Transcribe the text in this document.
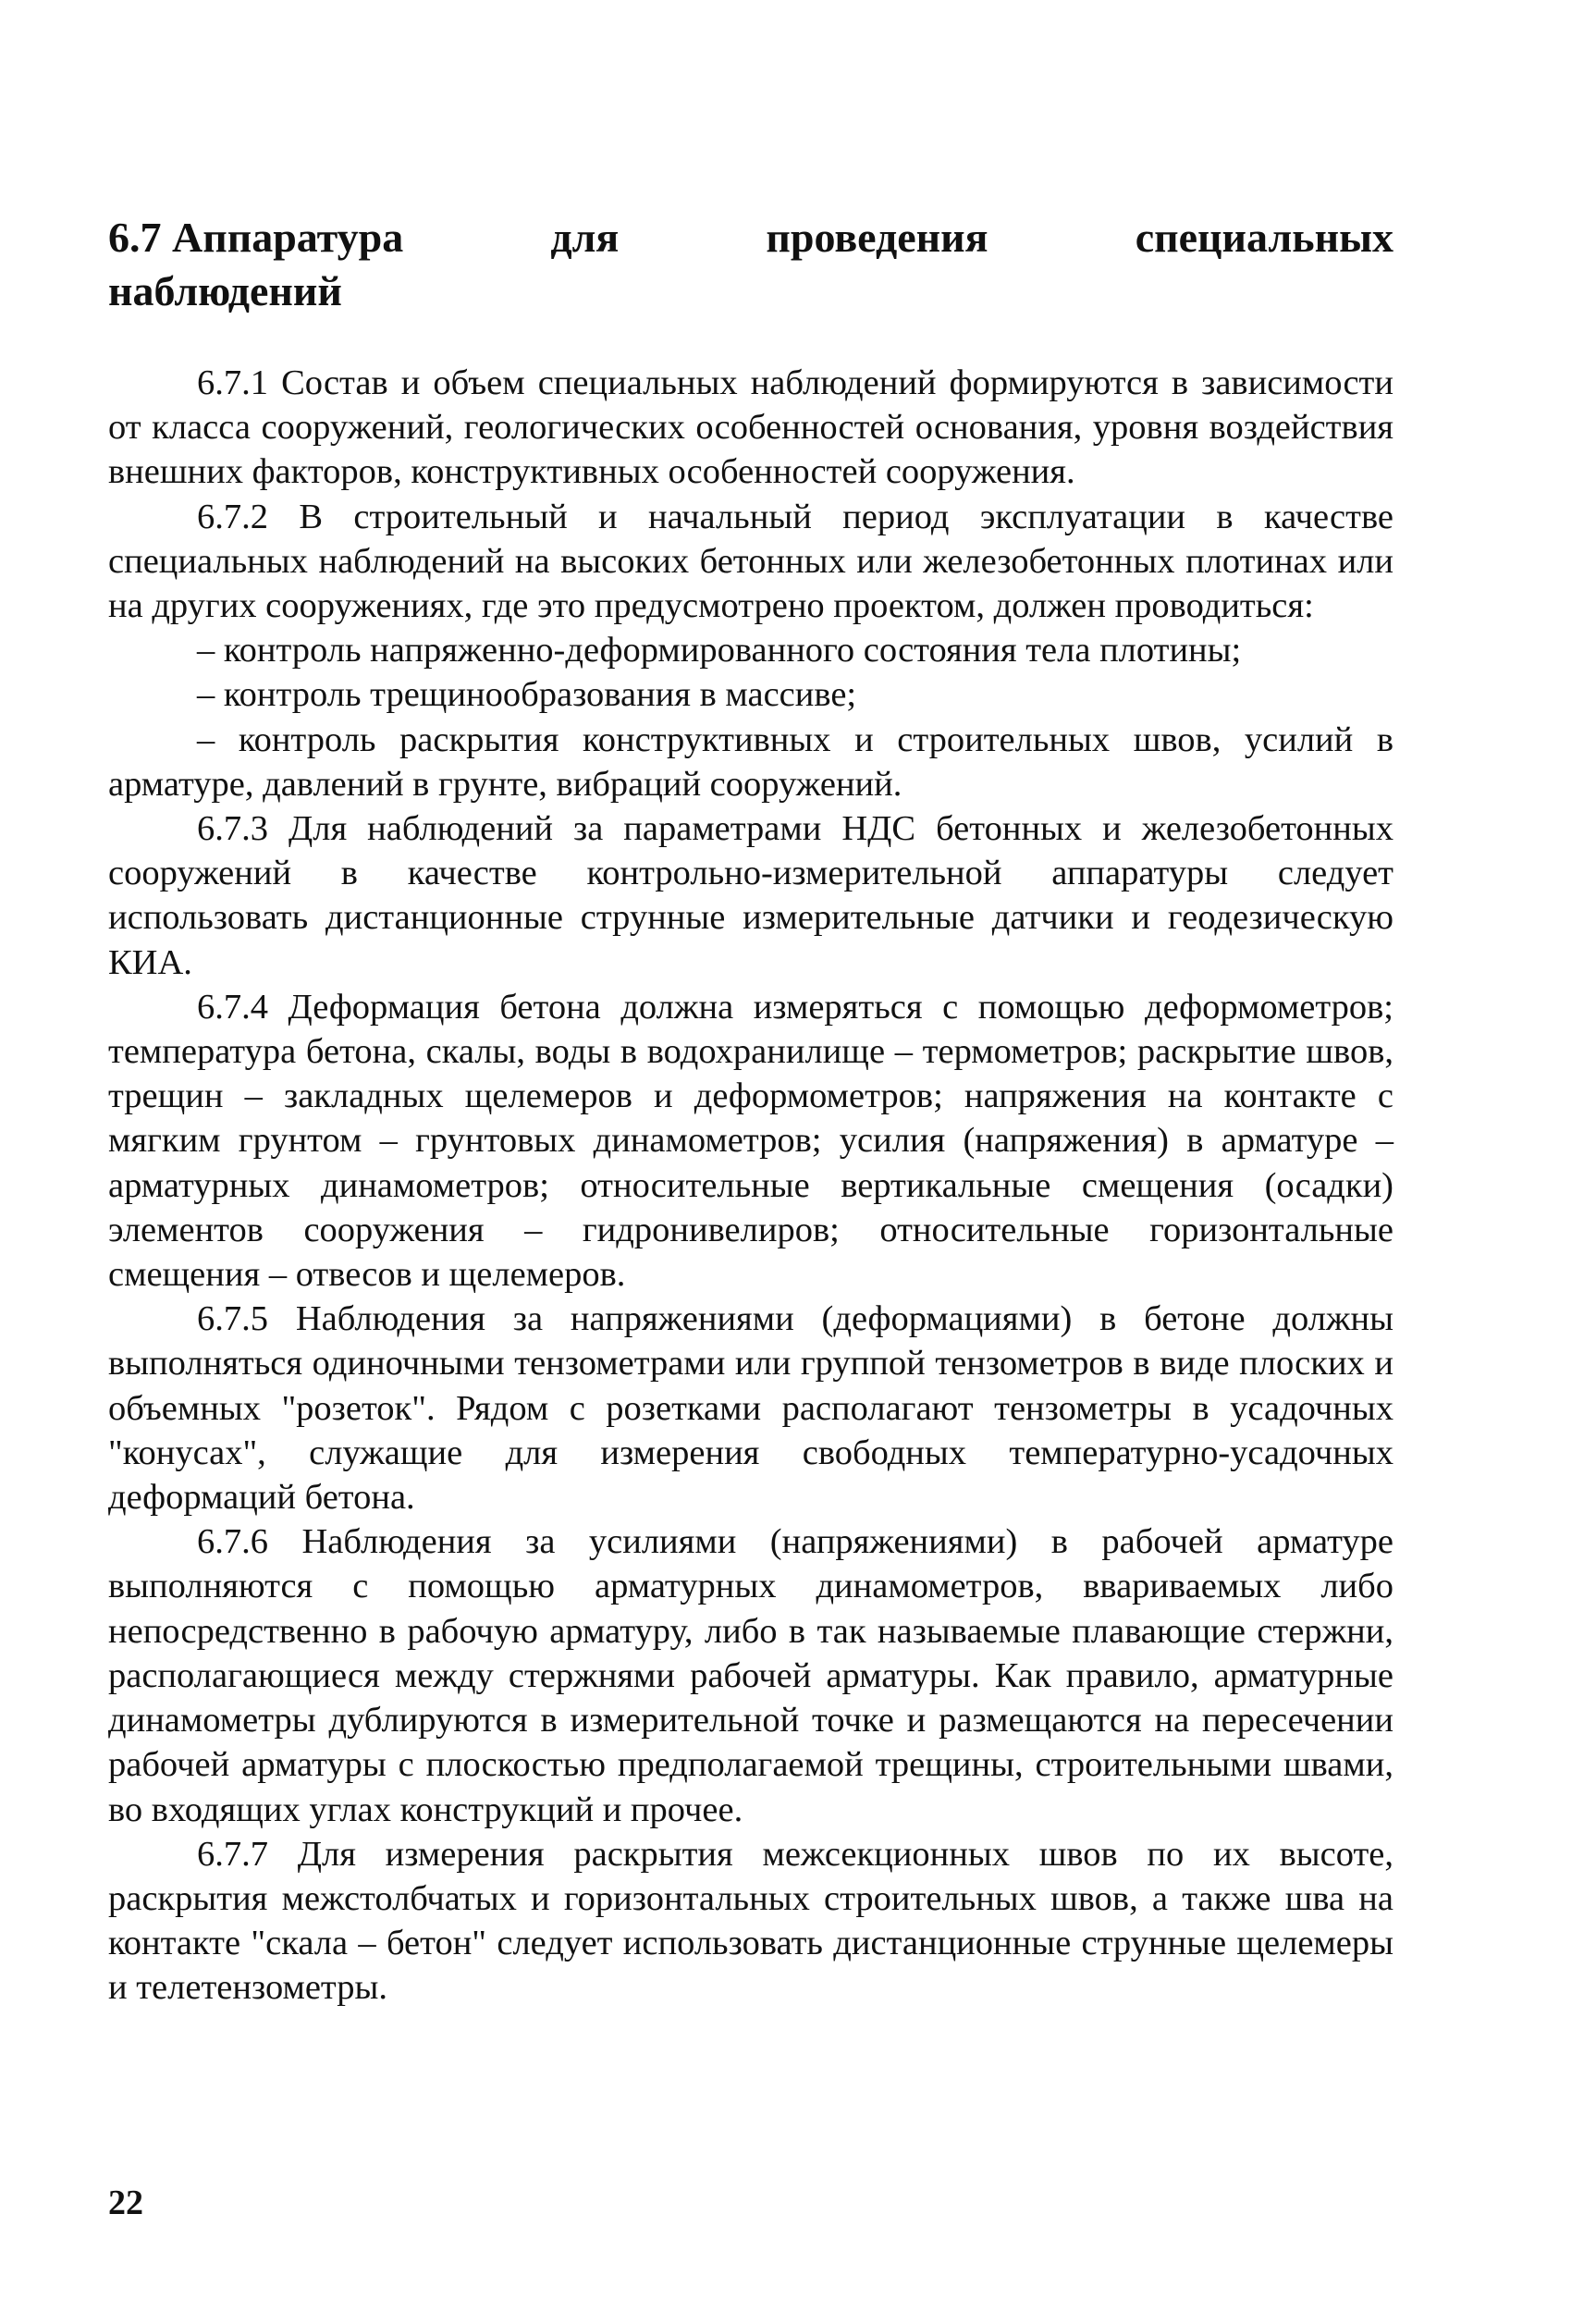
6.7 Аппаратура	для	проведения	специальных
наблюдений

6.7.1 Состав и объем специальных наблюдений формируются в зависимости от класса сооружений, геологических особенностей основания, уровня воздействия внешних факторов, конструктивных особенностей сооружения.

6.7.2 В строительный и начальный период эксплуатации в качестве специальных наблюдений на высоких бетонных или железобетонных плотинах или на других сооружениях, где это предусмотрено проектом, должен проводиться:

– контроль напряженно-деформированного состояния тела плотины;

– контроль трещинообразования в массиве;

– контроль раскрытия конструктивных и строительных швов, усилий в арматуре, давлений в грунте, вибраций сооружений.

6.7.3 Для наблюдений за параметрами НДС бетонных и железобетонных сооружений в качестве контрольно-измерительной аппаратуры следует использовать дистанционные струнные измерительные датчики и геодезическую КИА.

6.7.4 Деформация бетона должна измеряться с помощью деформометров; температура бетона, скалы, воды в водохранилище – термометров; раскрытие швов, трещин – закладных щелемеров и деформометров; напряжения на контакте с мягким грунтом – грунтовых динамометров; усилия (напряжения) в арматуре – арматурных динамометров; относительные вертикальные смещения (осадки) элементов сооружения – гидронивелиров; относительные горизонтальные смещения – отвесов и щелемеров.

6.7.5 Наблюдения за напряжениями (деформациями) в бетоне должны выполняться одиночными тензометрами или группой тензометров в виде плоских и объемных "розеток". Рядом с розетками располагают тензометры в усадочных "конусах", служащие для измерения свободных температурно-усадочных деформаций бетона.

6.7.6 Наблюдения за усилиями (напряжениями) в рабочей арматуре выполняются с помощью арматурных динамометров, ввариваемых либо непосредственно в рабочую арматуру, либо в так называемые плавающие стержни, располагающиеся между стержнями рабочей арматуры. Как правило, арматурные динамометры дублируются в измерительной точке и размещаются на пересечении рабочей арматуры с плоскостью предполагаемой трещины, строительными швами, во входящих углах конструкций и прочее.

6.7.7 Для измерения раскрытия межсекционных швов по их высоте, раскрытия межстолбчатых и горизонтальных строительных швов, а также шва на контакте "скала – бетон" следует использовать дистанционные струнные щелемеры и телетензометры.

22
